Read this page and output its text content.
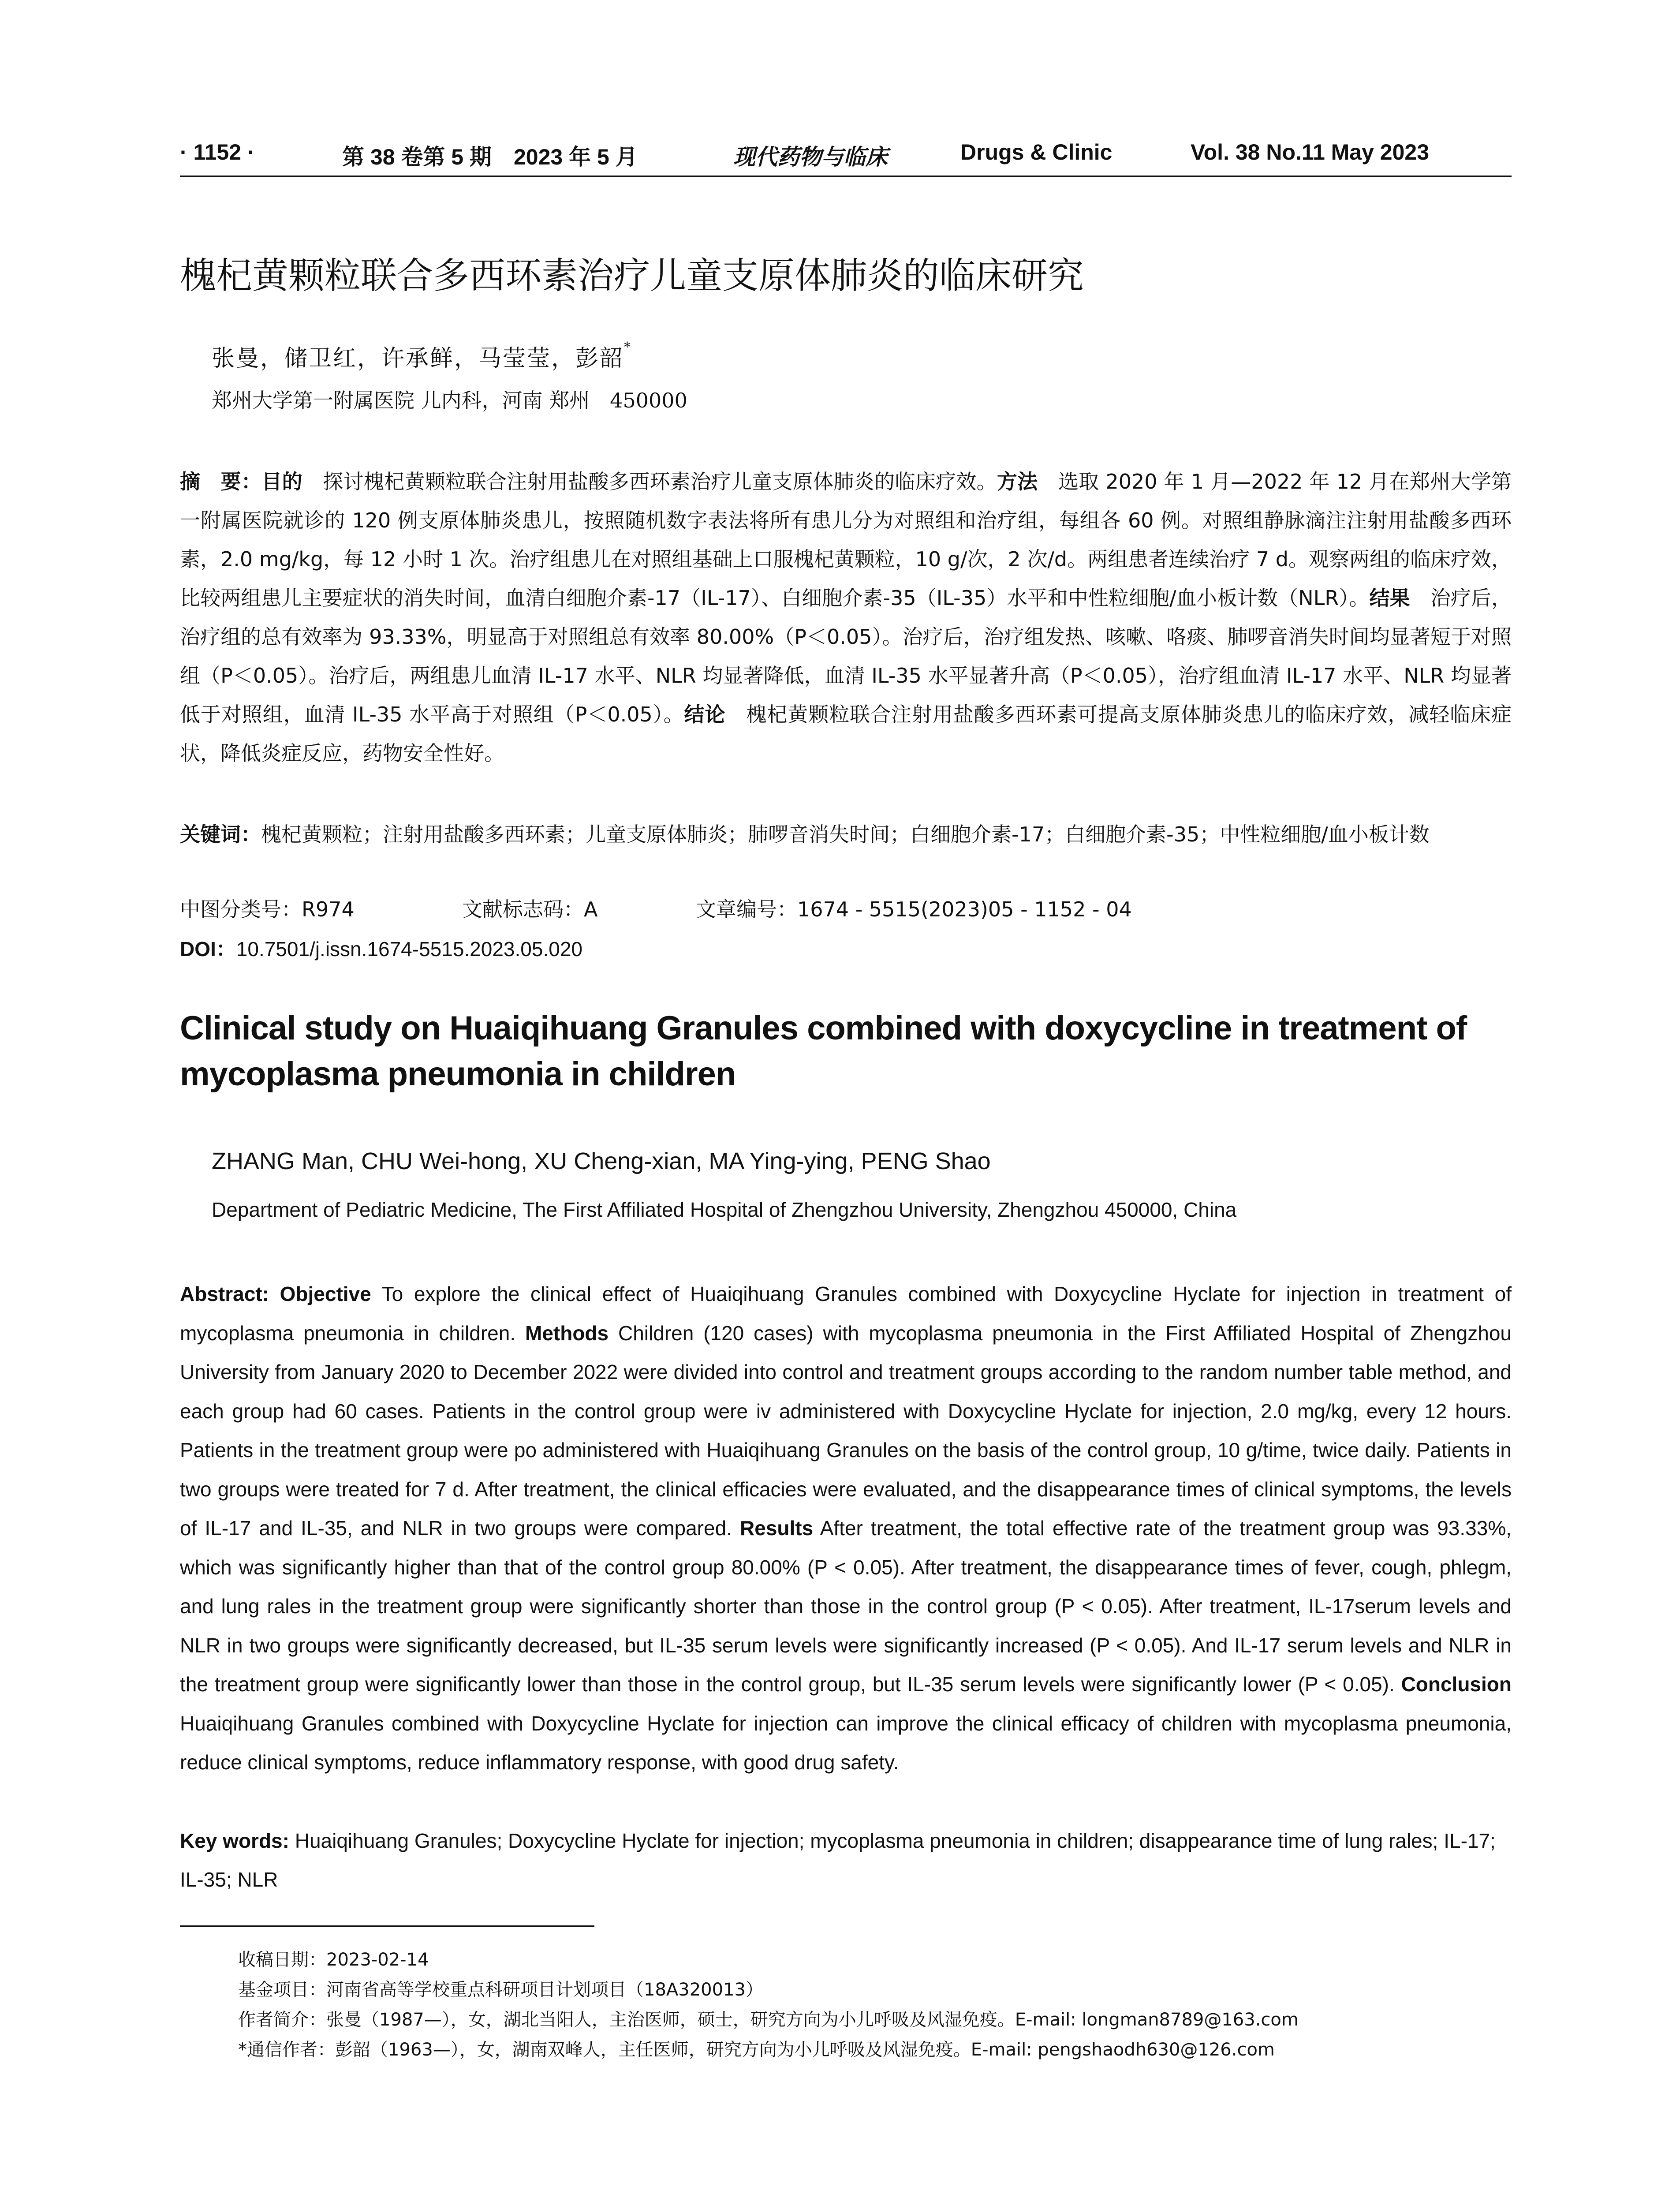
· 1152 ·	第 38 卷第 5 期　2023 年 5 月	现代药物与临床	Drugs & Clinic	Vol. 38 No.11 May 2023
槐杞黄颗粒联合多西环素治疗儿童支原体肺炎的临床研究
张曼，储卫红，许承鲜，马莹莹，彭韶*
郑州大学第一附属医院 儿内科，河南 郑州　450000
摘　要：目的　探讨槐杞黄颗粒联合注射用盐酸多西环素治疗儿童支原体肺炎的临床疗效。方法　选取 2020 年 1 月—2022 年 12 月在郑州大学第一附属医院就诊的 120 例支原体肺炎患儿，按照随机数字表法将所有患儿分为对照组和治疗组，每组各 60 例。对照组静脉滴注注射用盐酸多西环素，2.0 mg/kg，每 12 小时 1 次。治疗组患儿在对照组基础上口服槐杞黄颗粒，10 g/次，2 次/d。两组患者连续治疗 7 d。观察两组的临床疗效，比较两组患儿主要症状的消失时间，血清白细胞介素-17（IL-17）、白细胞介素-35（IL-35）水平和中性粒细胞/血小板计数（NLR）。结果　治疗后，治疗组的总有效率为 93.33%，明显高于对照组总有效率 80.00%（P＜0.05）。治疗后，治疗组发热、咳嗽、咯痰、肺啰音消失时间均显著短于对照组（P＜0.05）。治疗后，两组患儿血清 IL-17 水平、NLR 均显著降低，血清 IL-35 水平显著升高（P＜0.05），治疗组血清 IL-17 水平、NLR 均显著低于对照组，血清 IL-35 水平高于对照组（P＜0.05）。结论　槐杞黄颗粒联合注射用盐酸多西环素可提高支原体肺炎患儿的临床疗效，减轻临床症状，降低炎症反应，药物安全性好。
关键词：槐杞黄颗粒；注射用盐酸多西环素；儿童支原体肺炎；肺啰音消失时间；白细胞介素-17；白细胞介素-35；中性粒细胞/血小板计数
中图分类号：R974	文献标志码：A	文章编号：1674 - 5515(2023)05 - 1152 - 04
DOI：10.7501/j.issn.1674-5515.2023.05.020
Clinical study on Huaiqihuang Granules combined with doxycycline in treatment of mycoplasma pneumonia in children
ZHANG Man, CHU Wei-hong, XU Cheng-xian, MA Ying-ying, PENG Shao
Department of Pediatric Medicine, The First Affiliated Hospital of Zhengzhou University, Zhengzhou 450000, China
Abstract: Objective To explore the clinical effect of Huaiqihuang Granules combined with Doxycycline Hyclate for injection in treatment of mycoplasma pneumonia in children. Methods Children (120 cases) with mycoplasma pneumonia in the First Affiliated Hospital of Zhengzhou University from January 2020 to December 2022 were divided into control and treatment groups according to the random number table method, and each group had 60 cases. Patients in the control group were iv administered with Doxycycline Hyclate for injection, 2.0 mg/kg, every 12 hours. Patients in the treatment group were po administered with Huaiqihuang Granules on the basis of the control group, 10 g/time, twice daily. Patients in two groups were treated for 7 d. After treatment, the clinical efficacies were evaluated, and the disappearance times of clinical symptoms, the levels of IL-17 and IL-35, and NLR in two groups were compared. Results After treatment, the total effective rate of the treatment group was 93.33%, which was significantly higher than that of the control group 80.00% (P < 0.05). After treatment, the disappearance times of fever, cough, phlegm, and lung rales in the treatment group were significantly shorter than those in the control group (P < 0.05). After treatment, IL-17serum levels and NLR in two groups were significantly decreased, but IL-35 serum levels were significantly increased (P < 0.05). And IL-17 serum levels and NLR in the treatment group were significantly lower than those in the control group, but IL-35 serum levels were significantly lower (P < 0.05). Conclusion Huaiqihuang Granules combined with Doxycycline Hyclate for injection can improve the clinical efficacy of children with mycoplasma pneumonia, reduce clinical symptoms, reduce inflammatory response, with good drug safety.
Key words: Huaiqihuang Granules; Doxycycline Hyclate for injection; mycoplasma pneumonia in children; disappearance time of lung rales; IL-17; IL-35; NLR
收稿日期：2023-02-14
基金项目：河南省高等学校重点科研项目计划项目（18A320013）
作者简介：张曼（1987—），女，湖北当阳人，主治医师，硕士，研究方向为小儿呼吸及风湿免疫。E-mail: longman8789@163.com
*通信作者：彭韶（1963—），女，湖南双峰人，主任医师，研究方向为小儿呼吸及风湿免疫。E-mail: pengshaodh630@126.com
